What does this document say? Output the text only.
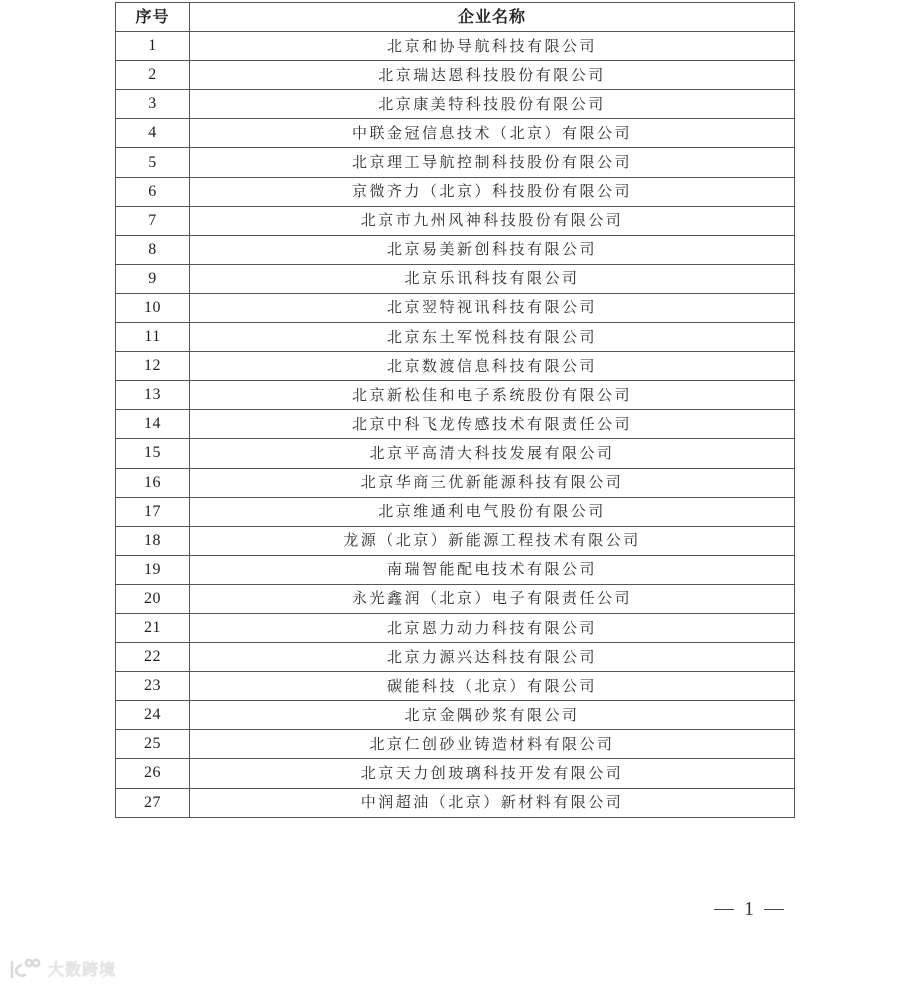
序号	企业名称
1	北京和协导航科技有限公司
2	北京瑞达恩科技股份有限公司
3	北京康美特科技股份有限公司
4	中联金冠信息技术（北京）有限公司
5	北京理工导航控制科技股份有限公司
6	京微齐力（北京）科技股份有限公司
7	北京市九州风神科技股份有限公司
8	北京易美新创科技有限公司
9	北京乐讯科技有限公司
10	北京翌特视讯科技有限公司
11	北京东土军悦科技有限公司
12	北京数渡信息科技有限公司
13	北京新松佳和电子系统股份有限公司
14	北京中科飞龙传感技术有限责任公司
15	北京平高清大科技发展有限公司
16	北京华商三优新能源科技有限公司
17	北京维通利电气股份有限公司
18	龙源（北京）新能源工程技术有限公司
19	南瑞智能配电技术有限公司
20	永光鑫润（北京）电子有限责任公司
21	北京恩力动力科技有限公司
22	北京力源兴达科技有限公司
23	碳能科技（北京）有限公司
24	北京金隅砂浆有限公司
25	北京仁创砂业铸造材料有限公司
26	北京天力创玻璃科技开发有限公司
27	中润超油（北京）新材料有限公司
1
大数跨境
